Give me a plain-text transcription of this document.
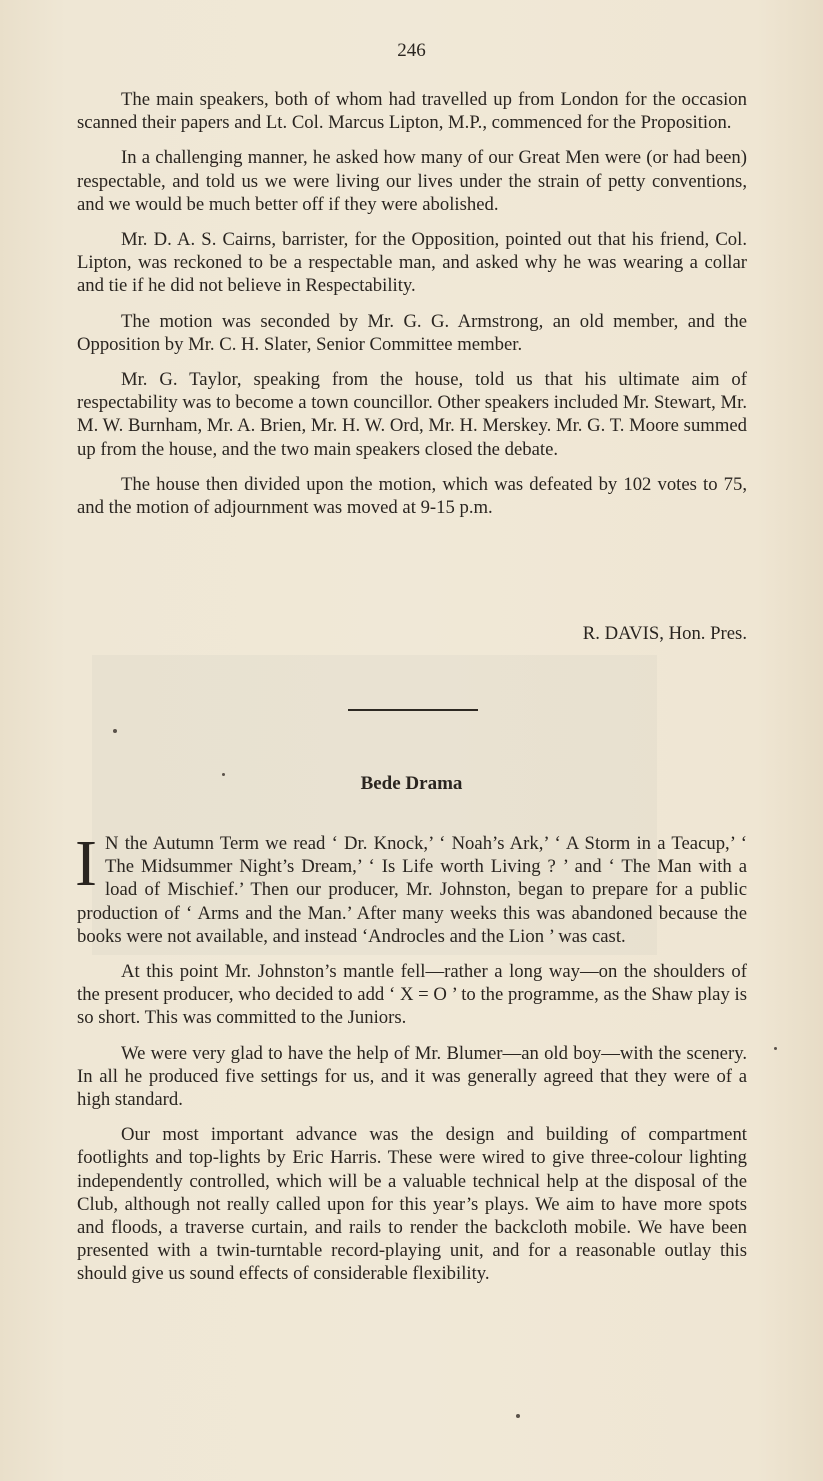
246

The main speakers, both of whom had travelled up from London for the occasion scanned their papers and Lt. Col. Marcus Lipton, M.P., commenced for the Proposition.

In a challenging manner, he asked how many of our Great Men were (or had been) respectable, and told us we were living our lives under the strain of petty conventions, and we would be much better off if they were abolished.

Mr. D. A. S. Cairns, barrister, for the Opposition, pointed out that his friend, Col. Lipton, was reckoned to be a respectable man, and asked why he was wearing a collar and tie if he did not believe in Respectability.

The motion was seconded by Mr. G. G. Armstrong, an old member, and the Opposition by Mr. C. H. Slater, Senior Committee member.

Mr. G. Taylor, speaking from the house, told us that his ultimate aim of respectability was to become a town councillor. Other speakers included Mr. Stewart, Mr. M. W. Burnham, Mr. A. Brien, Mr. H. W. Ord, Mr. H. Merskey. Mr. G. T. Moore summed up from the house, and the two main speakers closed the debate.

The house then divided upon the motion, which was defeated by 102 votes to 75, and the motion of adjournment was moved at 9-15 p.m.

R. DAVIS, Hon. Pres.
Bede Drama

I N the Autumn Term we read ‘ Dr. Knock,’ ‘ Noah’s Ark,’ ‘ A Storm in a Teacup,’ ‘ The Midsummer Night’s Dream,’ ‘ Is Life worth Living ? ’ and ‘ The Man with a load of Mischief.’ Then our producer, Mr. Johnston, began to prepare for a public production of ‘ Arms and the Man.’ After many weeks this was abandoned because the books were not available, and instead ‘Androcles and the Lion ’ was cast.

At this point Mr. Johnston’s mantle fell—rather a long way—on the shoulders of the present producer, who decided to add ‘ X = O ’ to the programme, as the Shaw play is so short. This was committed to the Juniors.

We were very glad to have the help of Mr. Blumer—an old boy—with the scenery. In all he produced five settings for us, and it was generally agreed that they were of a high standard.

Our most important advance was the design and building of compartment footlights and top-lights by Eric Harris. These were wired to give three-colour lighting independently controlled, which will be a valuable technical help at the disposal of the Club, although not really called upon for this year’s plays. We aim to have more spots and floods, a traverse curtain, and rails to render the backcloth mobile. We have been presented with a twin-turntable record-playing unit, and for a reasonable outlay this should give us sound effects of considerable flexibility.
